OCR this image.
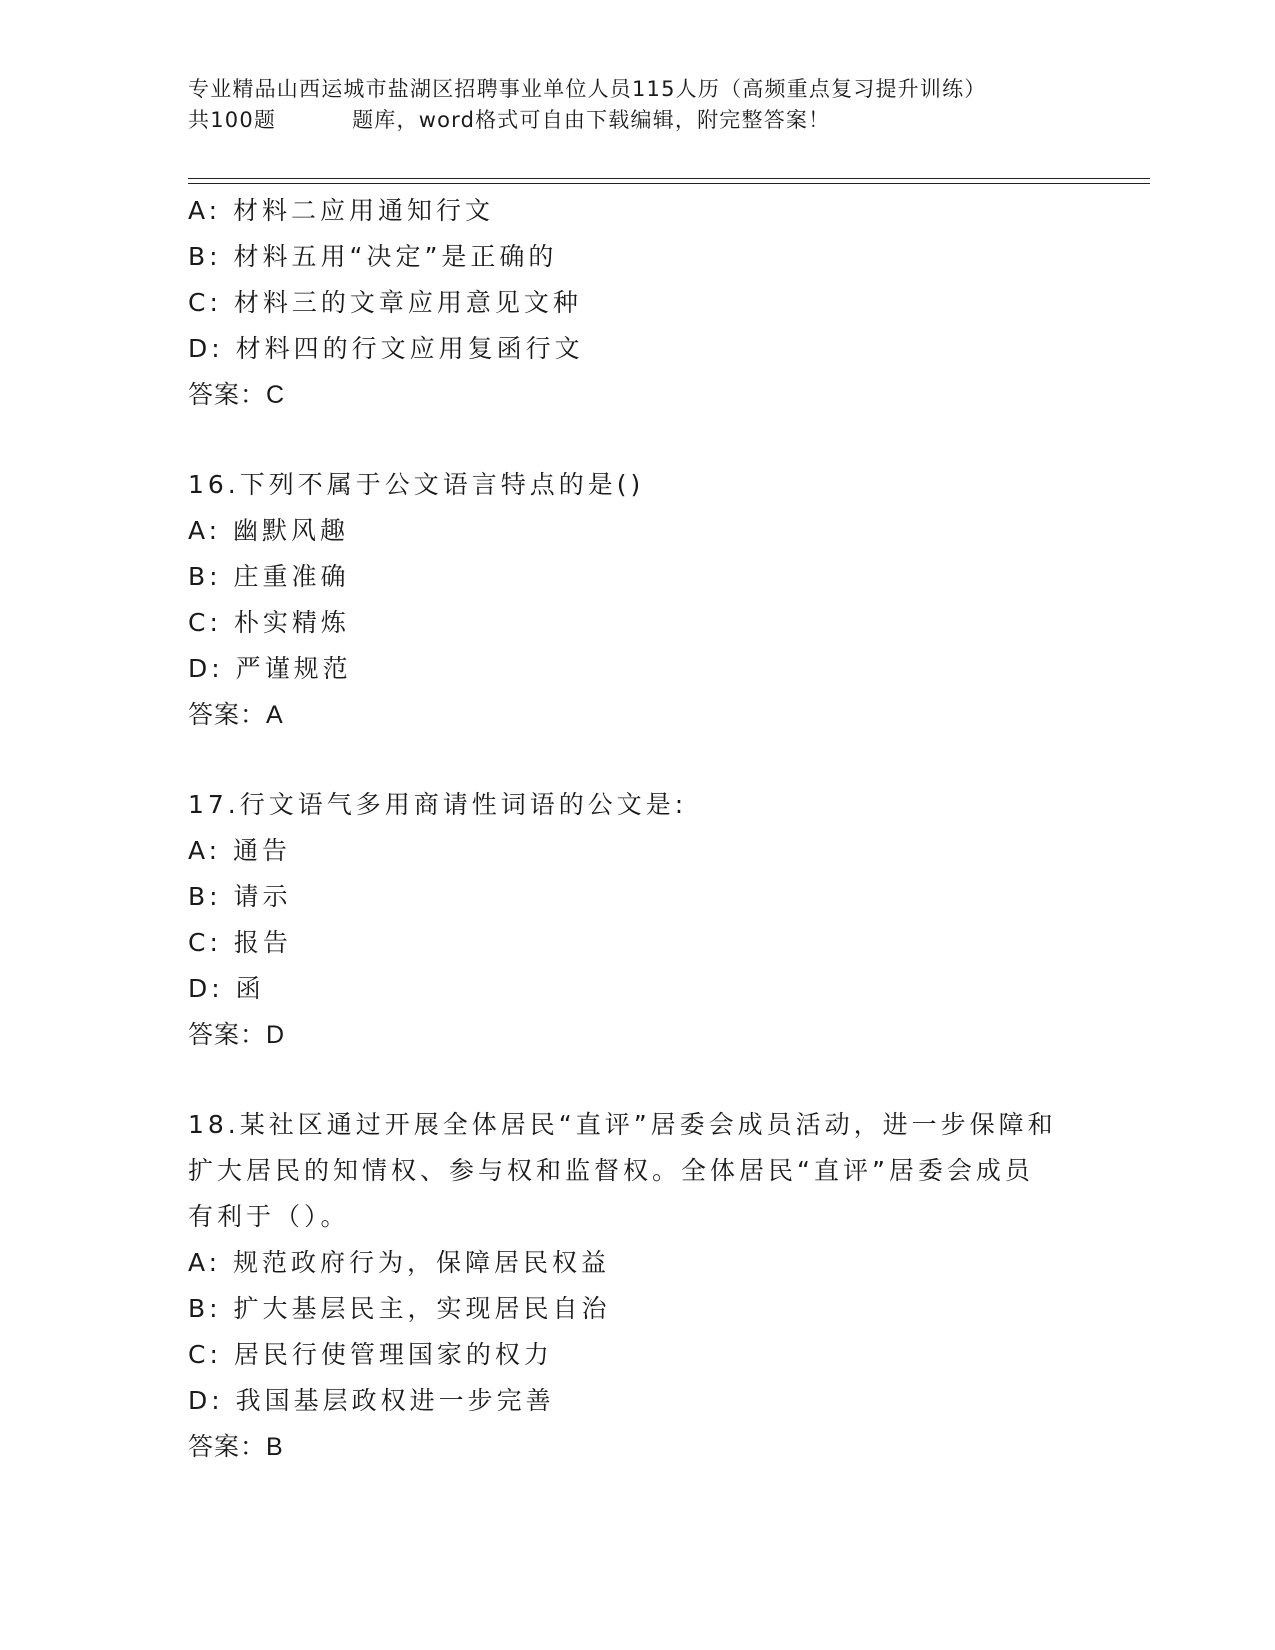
专业精品山西运城市盐湖区招聘事业单位人员115人历（高频重点复习提升训练）
共100题	题库，word格式可自由下载编辑，附完整答案！
A: 材料二应用通知行文
B: 材料五用“决定”是正确的
C: 材料三的文章应用意见文种
D: 材料四的行文应用复函行文
答案：C
16.下列不属于公文语言特点的是()
A: 幽默风趣
B: 庄重准确
C: 朴实精炼
D: 严谨规范
答案：A
17.行文语气多用商请性词语的公文是:
A: 通告
B: 请示
C: 报告
D: 函
答案：D
18.某社区通过开展全体居民“直评”居委会成员活动，进一步保障和
扩大居民的知情权、参与权和监督权。全体居民“直评”居委会成员
有利于（）。
A: 规范政府行为，保障居民权益
B: 扩大基层民主，实现居民自治
C: 居民行使管理国家的权力
D: 我国基层政权进一步完善
答案：B
